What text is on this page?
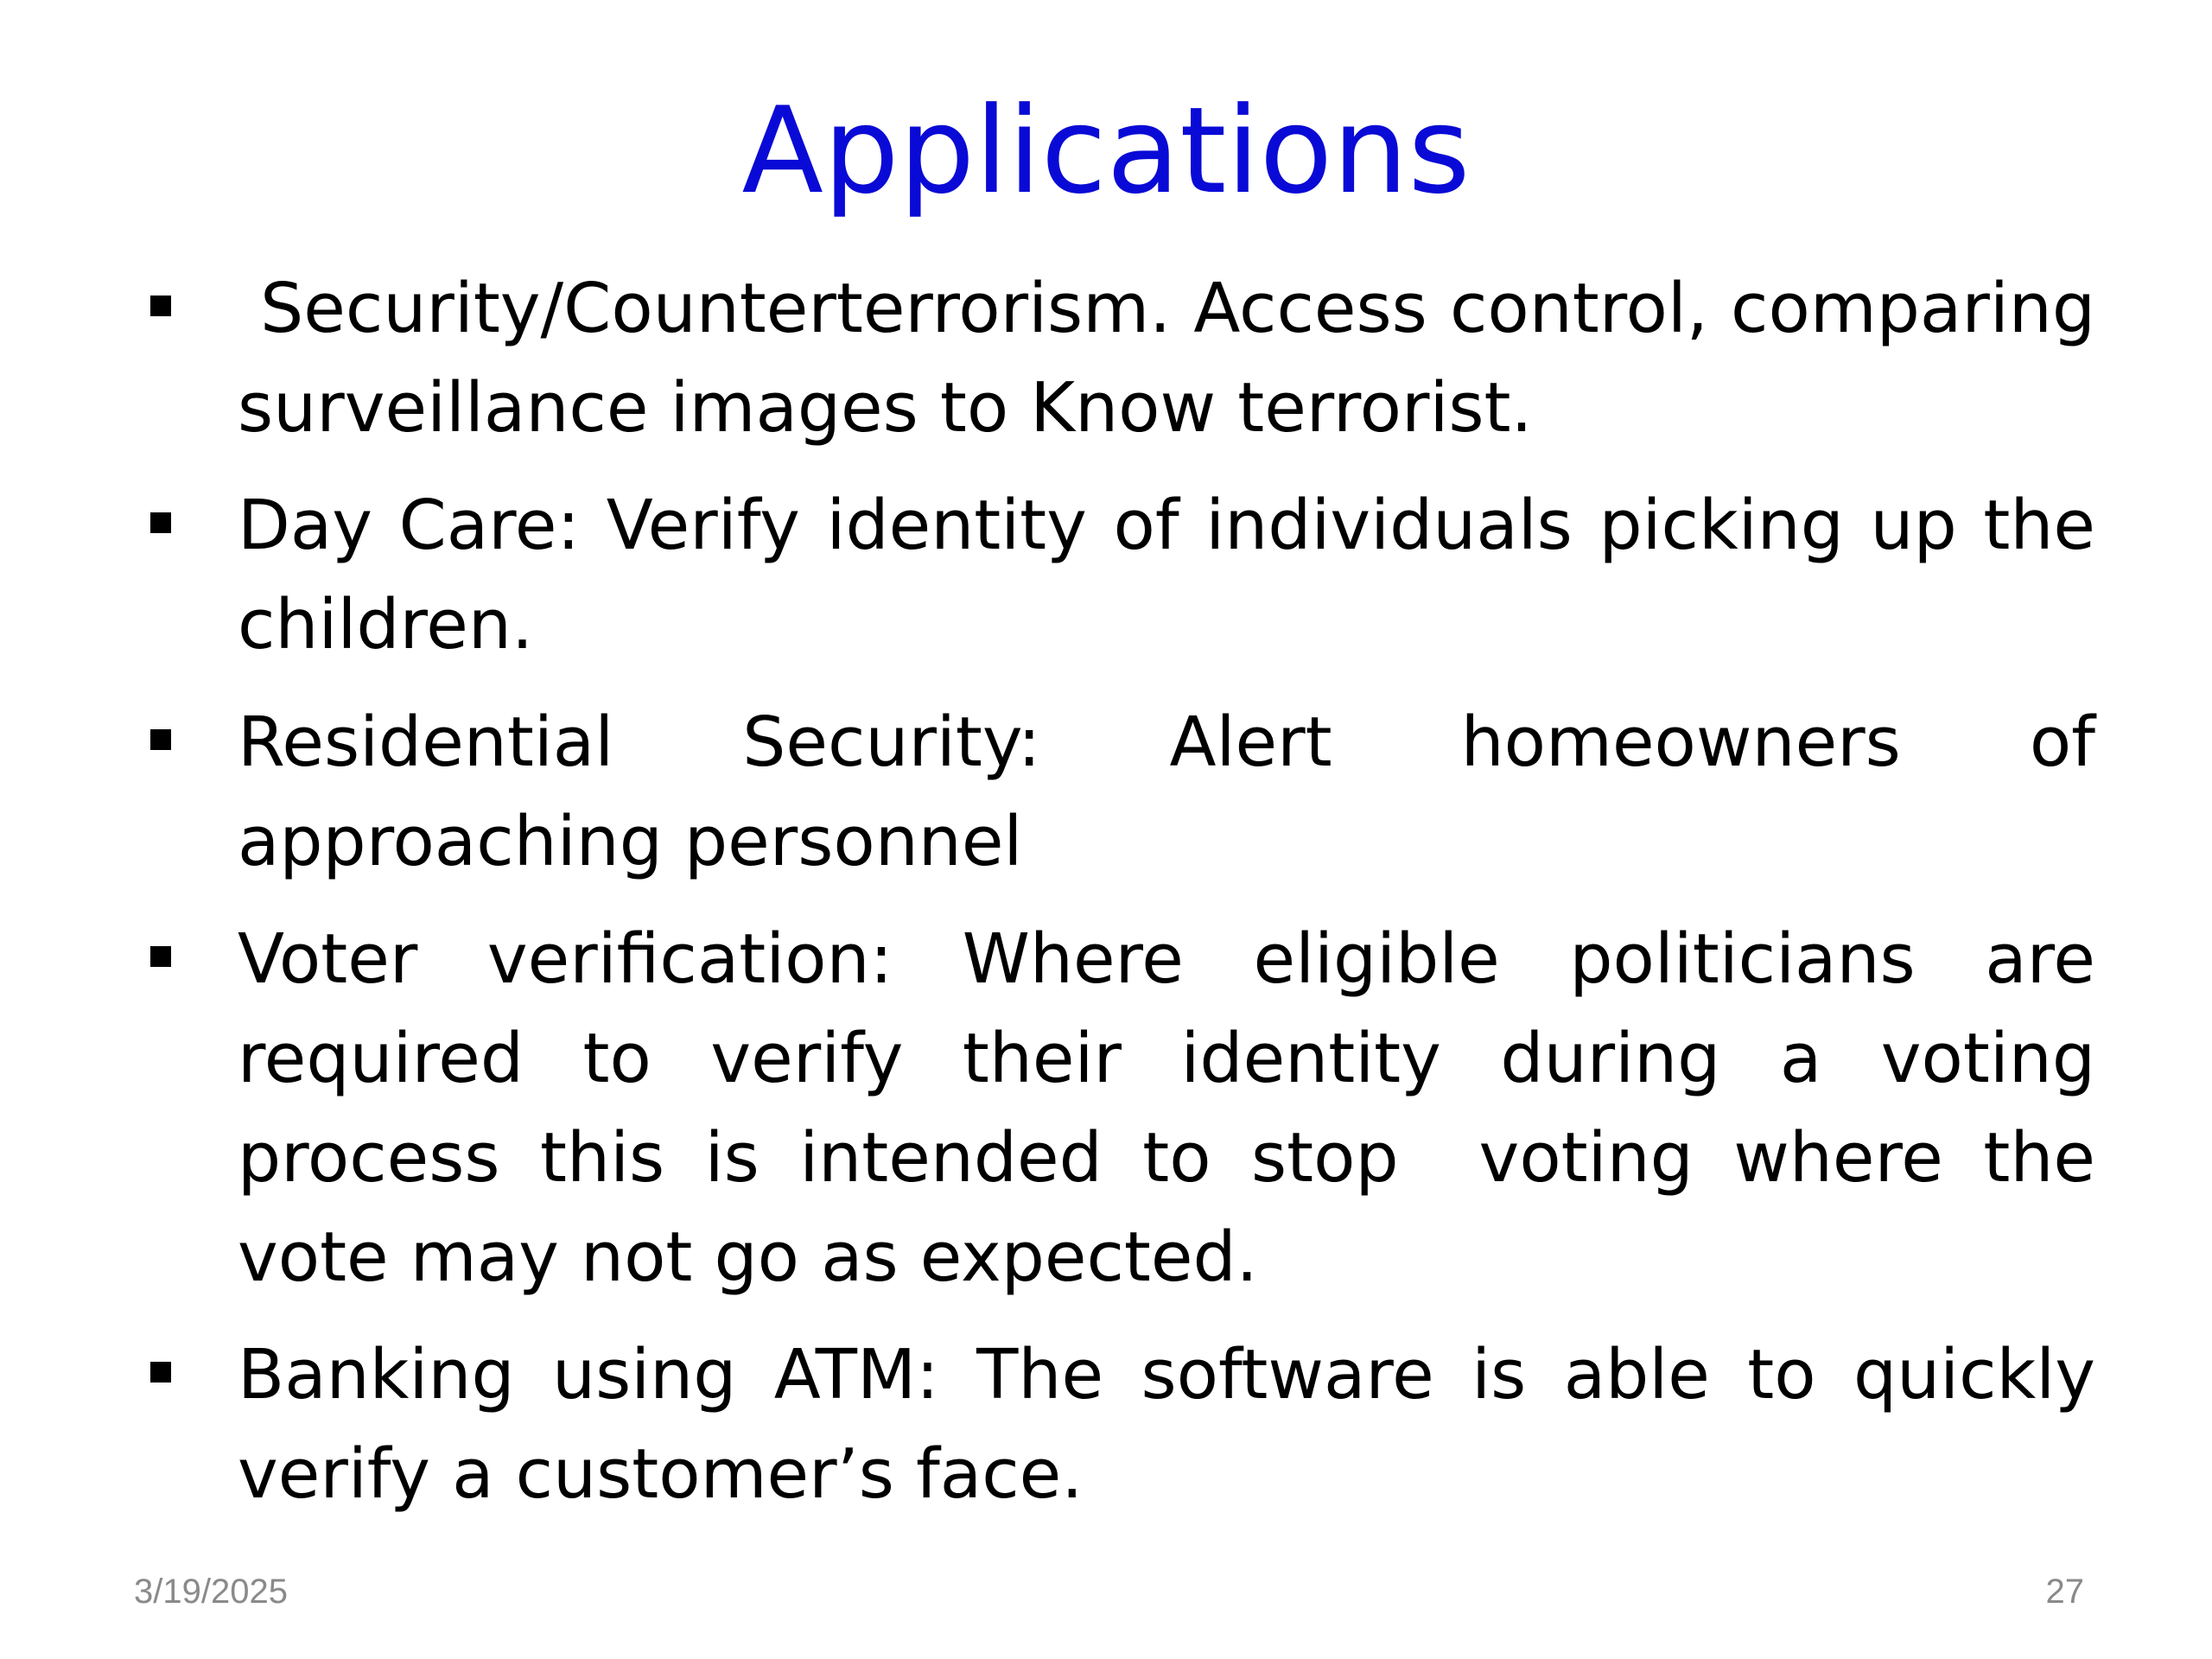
Applications
Security/Counterterrorism. Access control, comparing surveillance images to Know terrorist.
Day Care: Verify identity of individuals picking up the children.
Residential Security: Alert homeowners of approaching personnel
Voter verification: Where eligible politicians are required to verify their identity during a voting process this is intended to stop  voting where the vote may not go as expected.
Banking using ATM: The software is able to quickly verify a customer’s face.
3/19/2025	27
